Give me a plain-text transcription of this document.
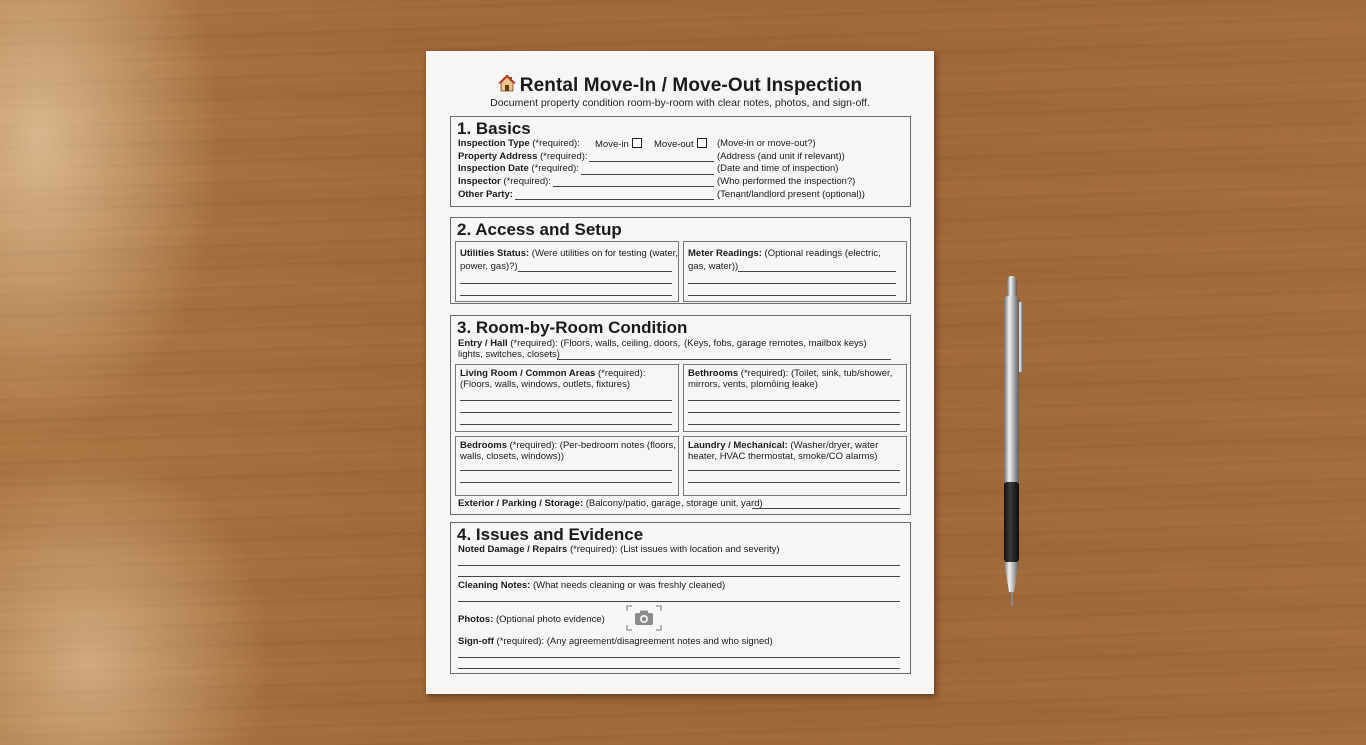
Rental Move-In / Move-Out Inspection
Document property condition room-by-room with clear notes, photos, and sign-off.
1. Basics
Inspection Type (*required): Move-in	Move-out	(Move-in or move-out?)
Property Address (*required):	(Address (and unit if relevant))
Inspection Date (*required):	(Date and time of inspection)
Inspector (*required):	(Who performed the inspection?)
Other Party:	(Tenant/landlord present (optional))
2. Access and Setup
Utilities Status: (Were utilities on for testing (water,
power, gas)?)
Meter Readings: (Optional readings (electric,
gas, water))
3. Room-by-Room Condition
Entry / Hall (*required): (Floors, walls, ceiling, doors,
lights, switches, closets)
(Keys, fobs, garage remotes, mailbox keys)
Living Room / Common Areas (*required):
(Floors, walls, windows, outlets, fixtures)
Bethrooms (*required): (Toilet, sink, tub/shower,
mirrors, vents, plomōing łeake)
Bedrooms (*required): (Per-bedroom notes (floors,
walls, closets, windows))
Laundry / Mechanical: (Washer/dryer, water
heater, HVAC thermostat, smoke/CO alarms)
Exterior / Parking / Storage: (Balcony/patio, garage, storage unit, yard)
4. Issues and Evidence
Noted Damage / Repairs (*required): (List issues with location and severity)
Cleaning Notes: (What needs cleaning or was freshly cleaned)
Photos: (Optional photo evidence)
Sign-off (*required): (Any agreement/disagreement notes and who signed)
